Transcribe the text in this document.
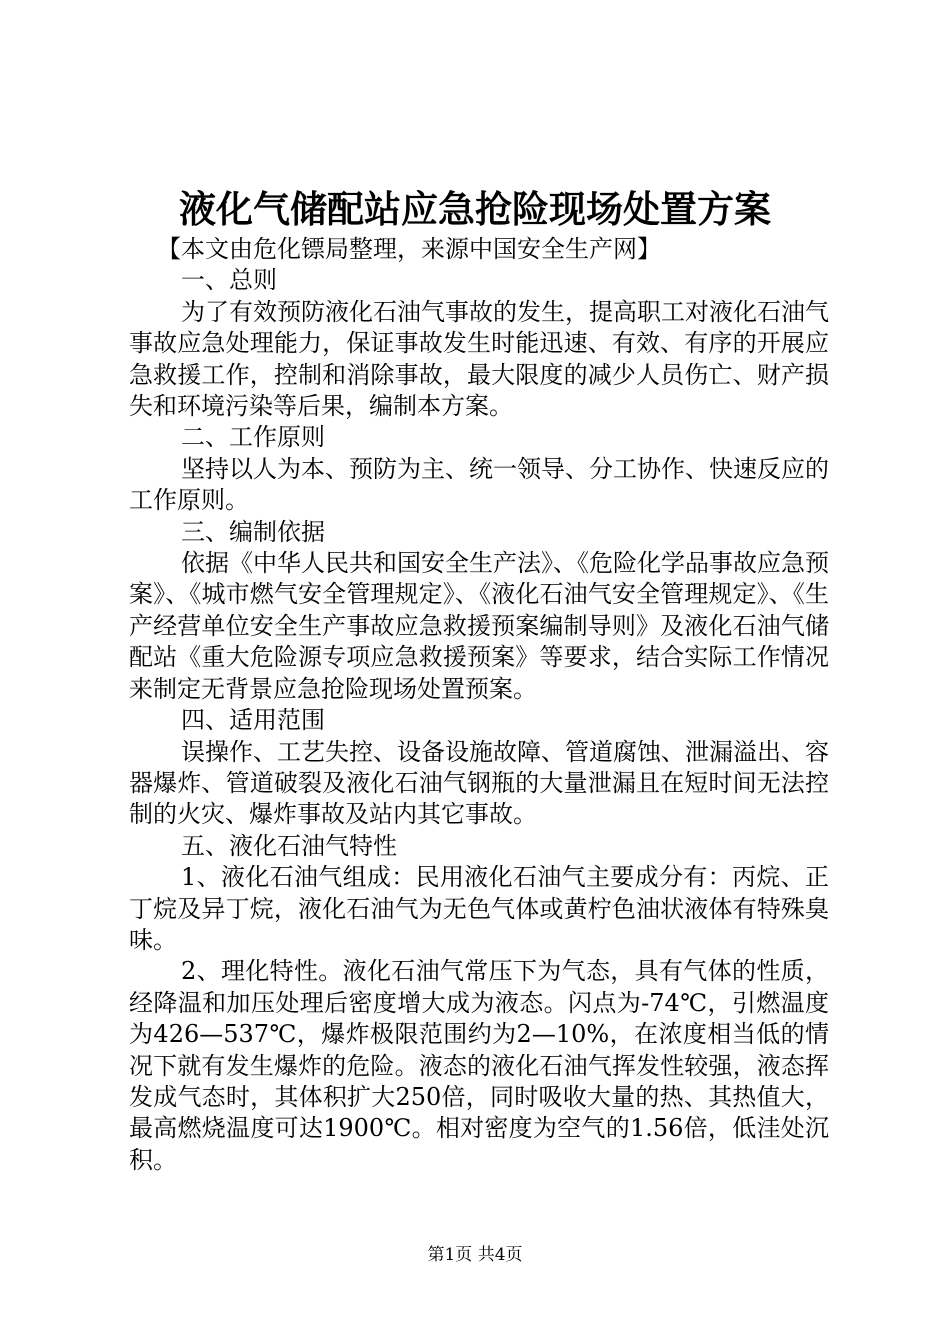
液化气储配站应急抢险现场处置方案

【本文由危化镖局整理，来源中国安全生产网】

一、总则

为了有效预防液化石油气事故的发生，提高职工对液化石油气事故应急处理能力，保证事故发生时能迅速、有效、有序的开展应急救援工作，控制和消除事故，最大限度的减少人员伤亡、财产损失和环境污染等后果，编制本方案。

二、工作原则

坚持以人为本、预防为主、统一领导、分工协作、快速反应的工作原则。

三、编制依据

依据《中华人民共和国安全生产法》、《危险化学品事故应急预案》、《城市燃气安全管理规定》、《液化石油气安全管理规定》、《生产经营单位安全生产事故应急救援预案编制导则》及液化石油气储配站《重大危险源专项应急救援预案》等要求，结合实际工作情况来制定无背景应急抢险现场处置预案。

四、适用范围

误操作、工艺失控、设备设施故障、管道腐蚀、泄漏溢出、容器爆炸、管道破裂及液化石油气钢瓶的大量泄漏且在短时间无法控制的火灾、爆炸事故及站内其它事故。

五、液化石油气特性

1、液化石油气组成：民用液化石油气主要成分有：丙烷、正丁烷及异丁烷，液化石油气为无色气体或黄柠色油状液体有特殊臭味。

2、理化特性。液化石油气常压下为气态，具有气体的性质，经降温和加压处理后密度增大成为液态。闪点为-74℃，引燃温度为426—537℃，爆炸极限范围约为2—10%，在浓度相当低的情况下就有发生爆炸的危险。液态的液化石油气挥发性较强，液态挥发成气态时，其体积扩大250倍，同时吸收大量的热、其热值大，最高燃烧温度可达1900℃。相对密度为空气的1.56倍，低洼处沉积。

第1页 共4页
